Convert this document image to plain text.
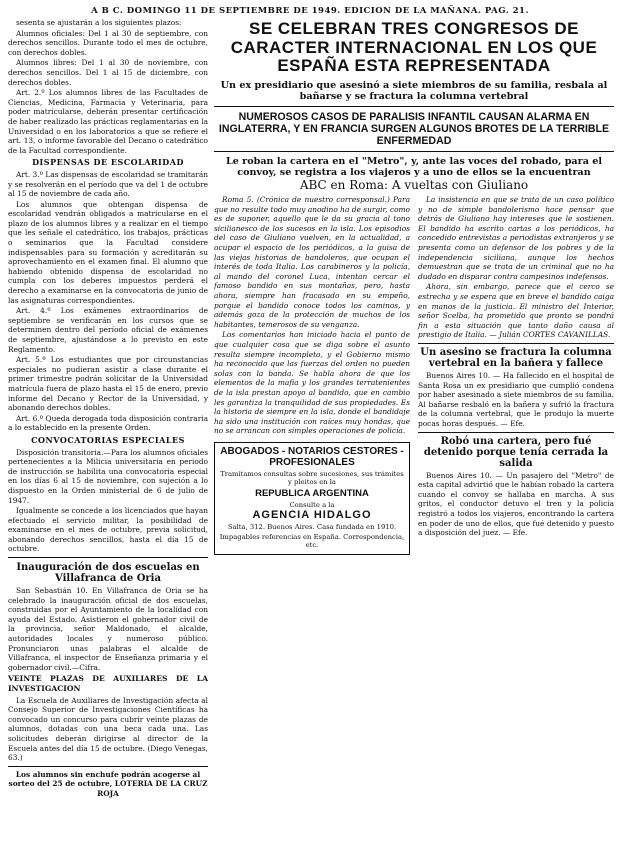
A B C. DOMINGO 11 DE SEPTIEMBRE DE 1949. EDICION DE LA MAÑANA. PAG. 21.
sesenta se ajustarán a los siguientes plazos:
Alumnos oficiales: Del 1 al 30 de septiembre, con derechos sencillos. Durante todo el mes de octubre, con derechos dobles.
Alumnos libres: Del 1 al 30 de noviembre, con derechos sencillos. Del 1 al 15 de diciembre, con derechos dobles.
Art. 2.º Los alumnos libres de las Facultades de Ciencias, Medicina, Farmacia y Veterinaria, para poder matricularse, deberán presentar certificación de haber realizado las prácticas reglamentarias en la Universidad o en los laboratorios a que se refiere el art. 13, o informe favorable del Decano o catedrático de la Facultad correspondiente.
DISPENSAS DE ESCOLARIDAD
Art. 3.º Las dispensas de escolaridad se tramitarán y se resolverán en el período que va del 1 de octubre al 15 de noviembre de cada año.
Los alumnos que obtengan dispensa de escolaridad vendrán obligados a matricularse en el plazo de los alumnos libres y a realizar en el tiempo que les señale el catedrático, los trabajos, prácticas o seminarios que la Facultad considere indispensables para su formación y acreditarán su aprovechamiento en el examen final. El alumno que habiendo obtenido dispensa de escolaridad no cumpla con los deberes impuestos perderá el derecho a examinarse en la convocatoria de junio de las asignaturas correspondientes.
Art. 4.º Los exámenes extraordinarios de septiembre se verificarán en los cursos que se determinen dentro del período oficial de exámenes de septiembre, ajustándose a lo previsto en este Reglamento.
Art. 5.º Los estudiantes que por circunstancias especiales no pudieran asistir a clase durante el primer trimestre podrán solicitar de la Universidad matrícula fuera de plazo hasta el 15 de enero, previo informe del Decano y Rector de la Universidad, y abonando derechos dobles.
Art. 6.º Queda derogada toda disposición contraria a lo establecido en la presente Orden.
CONVOCATORIAS ESPECIALES
Disposición transitoria.—Para los alumnos oficiales pertenecientes a la Milicia universitaria en periodo de instrucción se habilita una convocatoria especial en los días 6 al 15 de noviembre, con sujeción a lo dispuesto en la Orden ministerial de 6 de julio de 1947.
Igualmente se concede a los licenciados que hayan efectuado el servicio militar, la posibilidad de examinarse en el mes de octubre, previa solicitud, abonando derechos sencillos, hasta el día 15 de octubre.
Inauguración de dos escuelas en Villafranca de Oria
San Sebastián 10. En Villafranca de Oria se ha celebrado la inauguración oficial de dos escuelas, construidas por el Ayuntamiento de la localidad con ayuda del Estado. Asistieron el gobernador civil de la provincia, señor Maldonado, el alcalde, autoridades locales y numeroso público. Pronunciaron unas palabras el alcalde de Villafranca, el inspector de Enseñanza primaria y el gobernador civil.—Cifra.
VEINTE PLAZAS DE AUXILIARES DE LA INVESTIGACION
La Escuela de Auxiliares de Investigación afecta al Consejo Superior de Investigaciones Científicas ha convocado un concurso para cubrir veinte plazas de alumnos, dotadas con una beca cada una. Las solicitudes deberán dirigirse al director de la Escuela antes del día 15 de octubre. (Diego Venegas, 63.)
Los alumnos sin enchufe podrán acogerse al sorteo del 25 de octubre, LOTERIA DE LA CRUZ ROJA
SE CELEBRAN TRES CONGRESOS DE CARACTER INTERNACIONAL EN LOS QUE ESPAÑA ESTA REPRESENTADA
Un ex presidiario que asesinó a siete miembros de su familia, resbala al bañarse y se fractura la columna vertebral
NUMEROSOS CASOS DE PARALISIS INFANTIL CAUSAN ALARMA EN INGLATERRA, Y EN FRANCIA SURGEN ALGUNOS BROTES DE LA TERRIBLE ENFERMEDAD
Le roban la cartera en el "Metro", y, ante las voces del robado, para el convoy, se registra a los viajeros y a uno de ellos se la encuentran
ABC en Roma: A vueltas con Giuliano
Roma 5. (Crónica de nuestro corresponsal.) Para que no resulte todo muy anodino ha de surgir, como es de suponer, aquello que le da su gracia al tono sicilianesco de los sucesos en la isla. Los episodios del caso de Giuliano vuelven, en la actualidad, a ocupar el espacio de los periódicos, a la guisa de las viejas historias de bandoleros, que ocupan el interés de toda Italia. Los carabineros y la policía, al mando del coronel Luca, intentan cercar el famoso bandido en sus montañas, pero, hasta ahora, siempre han fracasado en su empeño, porque el bandido conoce todos los caminos, y además goza de la protección de muchos de los habitantes, temerosos de su venganza.
Los comentarios han iniciado hacia el punto de que cualquier cosa que se diga sobre el asunto resulta siempre incompleto, y el Gobierno mismo ha reconocido que las fuerzas del orden no pueden solas con la banda. Se habla ahora de que los elementos de la mafia y los grandes terratenientes de la isla prestan apoyo al bandido, que en cambio les garantiza la tranquilidad de sus propiedades. Es la historia de siempre en la isla, donde el bandidaje ha sido una institución con raíces muy hondas, que no se arrancan con simples operaciones de policía.
ABOGADOS - NOTARIOS CESTORES - PROFESIONALES
Tramitamos consultas sobre sucesiones, sus trámites y pleitos en la
REPUBLICA ARGENTINA
Consulte a la
AGENCIA HIDALGO
Salta, 312. Buenos Aires. Casa fundada en 1910.
Impagables referencias en España. Correspondencia, etc.
La insistencia en que se trata de un caso político y no de simple bandolerismo hace pensar que detrás de Giuliano hay intereses que le sostienen. El bandido ha escrito cartas a los periódicos, ha concedido entrevistas a periodistas extranjeros y se presenta como un defensor de los pobres y de la independencia siciliana, aunque los hechos demuestran que se trata de un criminal que no ha dudado en disparar contra campesinos indefensos.
Ahora, sin embargo, parece que el cerco se estrecha y se espera que en breve el bandido caiga en manos de la justicia. El ministro del Interior, señor Scelba, ha prometido que pronto se pondrá fin a esta situación que tanto daño causa al prestigio de Italia. — Julián CORTES CAVANILLAS.
Un asesino se fractura la columna vertebral en la bañera y fallece
Buenos Aires 10. — Ha fallecido en el hospital de Santa Rosa un ex presidiario que cumplió condena por haber asesinado a siete miembros de su familia. Al bañarse resbaló en la bañera y sufrió la fractura de la columna vertebral, que le produjo la muerte pocas horas después. — Efe.
Robó una cartera, pero fué detenido porque tenía cerrada la salida
Buenos Aires 10. — Un pasajero del "Metro" de esta capital advirtió que le habían robado la cartera cuando el convoy se hallaba en marcha. A sus gritos, el conductor detuvo el tren y la policía registró a todos los viajeros, encontrando la cartera en poder de uno de ellos, que fué detenido y puesto a disposición del juez. — Efe.
